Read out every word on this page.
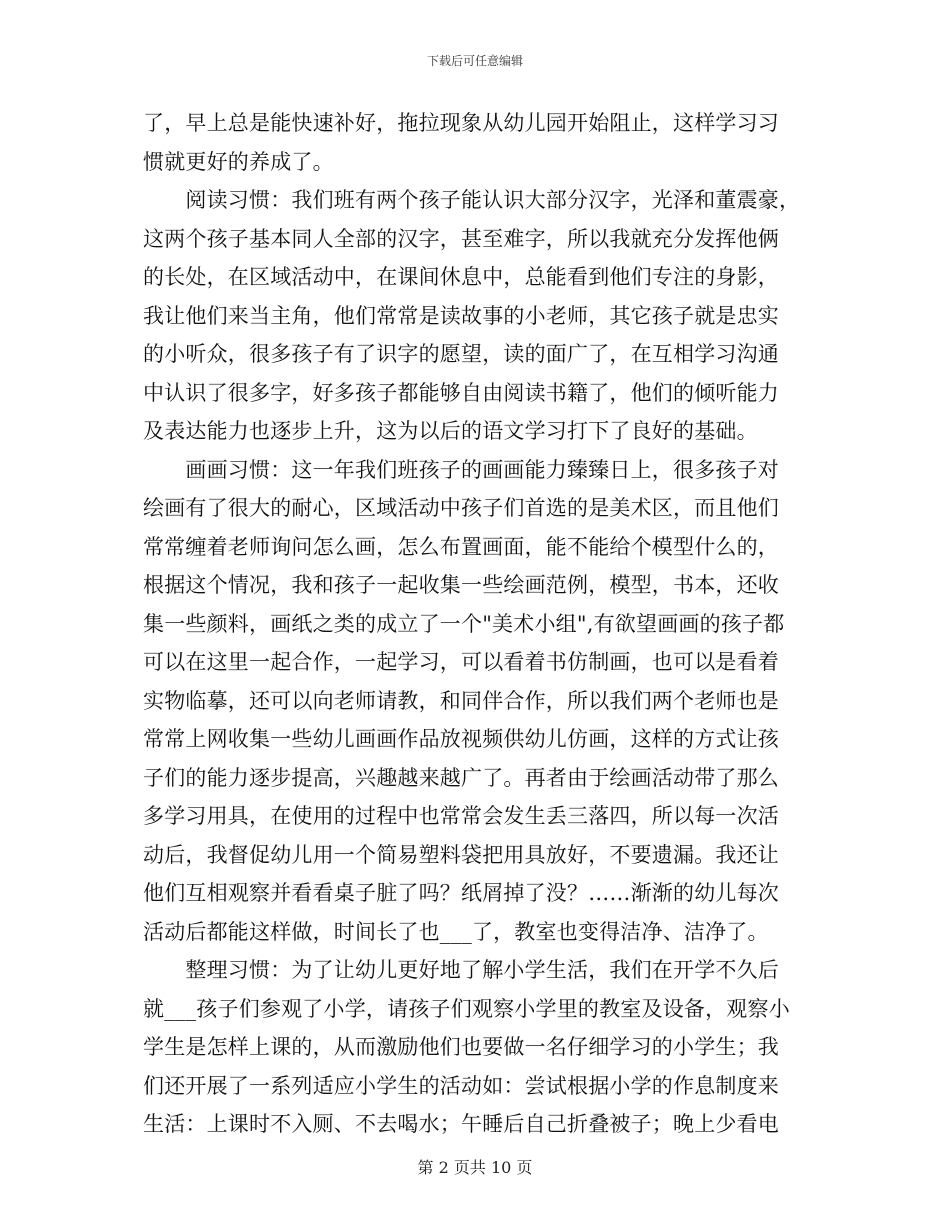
下载后可任意编辑
了，早上总是能快速补好，拖拉现象从幼儿园开始阻止，这样学习习
惯就更好的养成了。
　　阅读习惯：我们班有两个孩子能认识大部分汉字，光泽和董震豪，
这两个孩子基本同人全部的汉字，甚至难字，所以我就充分发挥他俩
的长处，在区域活动中，在课间休息中，总能看到他们专注的身影，
我让他们来当主角，他们常常是读故事的小老师，其它孩子就是忠实
的小听众，很多孩子有了识字的愿望，读的面广了，在互相学习沟通
中认识了很多字，好多孩子都能够自由阅读书籍了，他们的倾听能力
及表达能力也逐步上升，这为以后的语文学习打下了良好的基础。
　　画画习惯：这一年我们班孩子的画画能力臻臻日上，很多孩子对
绘画有了很大的耐心，区域活动中孩子们首选的是美术区，而且他们
常常缠着老师询问怎么画，怎么布置画面，能不能给个模型什么的，
根据这个情况，我和孩子一起收集一些绘画范例，模型，书本，还收
集一些颜料，画纸之类的成立了一个"美术小组",有欲望画画的孩子都
可以在这里一起合作，一起学习，可以看着书仿制画，也可以是看着
实物临摹，还可以向老师请教，和同伴合作，所以我们两个老师也是
常常上网收集一些幼儿画画作品放视频供幼儿仿画，这样的方式让孩
子们的能力逐步提高，兴趣越来越广了。再者由于绘画活动带了那么
多学习用具，在使用的过程中也常常会发生丢三落四，所以每一次活
动后，我督促幼儿用一个简易塑料袋把用具放好，不要遗漏。我还让
他们互相观察并看看桌子脏了吗？纸屑掉了没？……渐渐的幼儿每次
活动后都能这样做，时间长了也___了，教室也变得洁净、洁净了。
　　整理习惯：为了让幼儿更好地了解小学生活，我们在开学不久后
就___孩子们参观了小学，请孩子们观察小学里的教室及设备，观察小
学生是怎样上课的，从而激励他们也要做一名仔细学习的小学生；我
们还开展了一系列适应小学生的活动如：尝试根据小学的作息制度来
生活：上课时不入厕、不去喝水；午睡后自己折叠被子；晚上少看电
第 2 页共 10 页
